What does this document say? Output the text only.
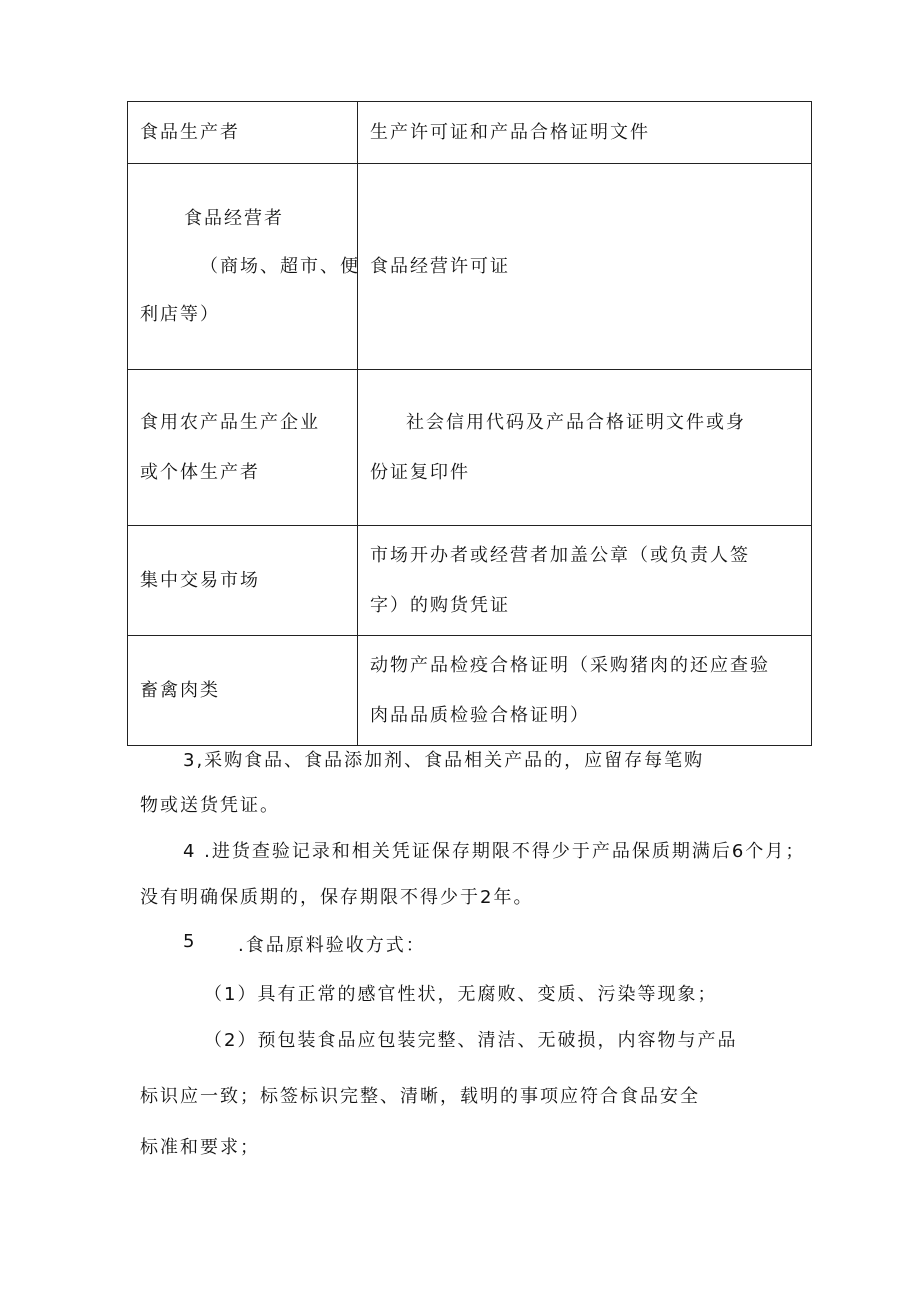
食品生产者	生产许可证和产品合格证明文件

食品经营者
（商场、超市、便
利店等）	食品经营许可证

食用农产品生产企业
或个体生产者	社会信用代码及产品合格证明文件或身
份证复印件

集中交易市场	市场开办者或经营者加盖公章（或负责人签
字）的购货凭证

畜禽肉类	动物产品检疫合格证明（采购猪肉的还应查验
肉品品质检验合格证明）
3,采购食品、食品添加剂、食品相关产品的，应留存每笔购
物或送货凭证。
4 .进货查验记录和相关凭证保存期限不得少于产品保质期满后6个月；
没有明确保质期的，保存期限不得少于2年。
5 .食品原料验收方式：
（1）具有正常的感官性状，无腐败、变质、污染等现象；
（2）预包装食品应包装完整、清洁、无破损，内容物与产品
标识应一致；标签标识完整、清晰，载明的事项应符合食品安全
标准和要求；
